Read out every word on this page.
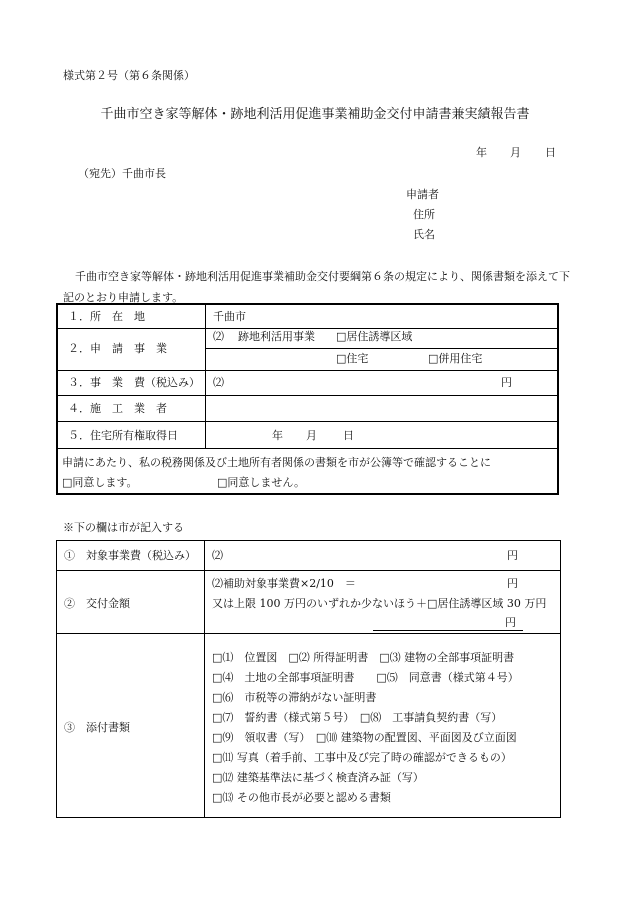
様式第２号（第６条関係）
千曲市空き家等解体・跡地利活用促進事業補助金交付申請書兼実績報告書
年 月 日
（宛先）千曲市長
申請者
住所
氏名
千曲市空き家等解体・跡地利活用促進事業補助金交付要綱第６条の規定により、関係書類を添えて下記のとおり申請します。
１．所　在　地	千曲市
２．申　請　事　業
⑵ 跡地利活用事業 □居住誘導区域
□住宅	□併用住宅
３．事　業　費（税込み） ⑵	円
４．施　工　業　者
５．住宅所有権取得日	年 月 日
申請にあたり、私の税務関係及び土地所有者関係の書類を市が公簿等で確認することに
□同意します。	□同意しません。
※下の欄は市が記入する
①　対象事業費（税込み） ⑵	円
②　交付金額
⑵補助対象事業費×2/10　＝	円
又は上限 100 万円のいずれか少ないほう＋□居住誘導区域 30 万円
円
③　添付書類
□⑴　位置図　□⑵ 所得証明書　□⑶ 建物の全部事項証明書
□⑷　土地の全部事項証明書　　□⑸　同意書（様式第４号）
□⑹　市税等の滞納がない証明書
□⑺　誓約書（様式第５号）　□⑻　工事請負契約書（写）
□⑼　領収書（写）　□⑽ 建築物の配置図、平面図及び立面図
□⑾ 写真（着手前、工事中及び完了時の確認ができるもの）
□⑿ 建築基準法に基づく検査済み証（写）
□⒀ その他市長が必要と認める書類
